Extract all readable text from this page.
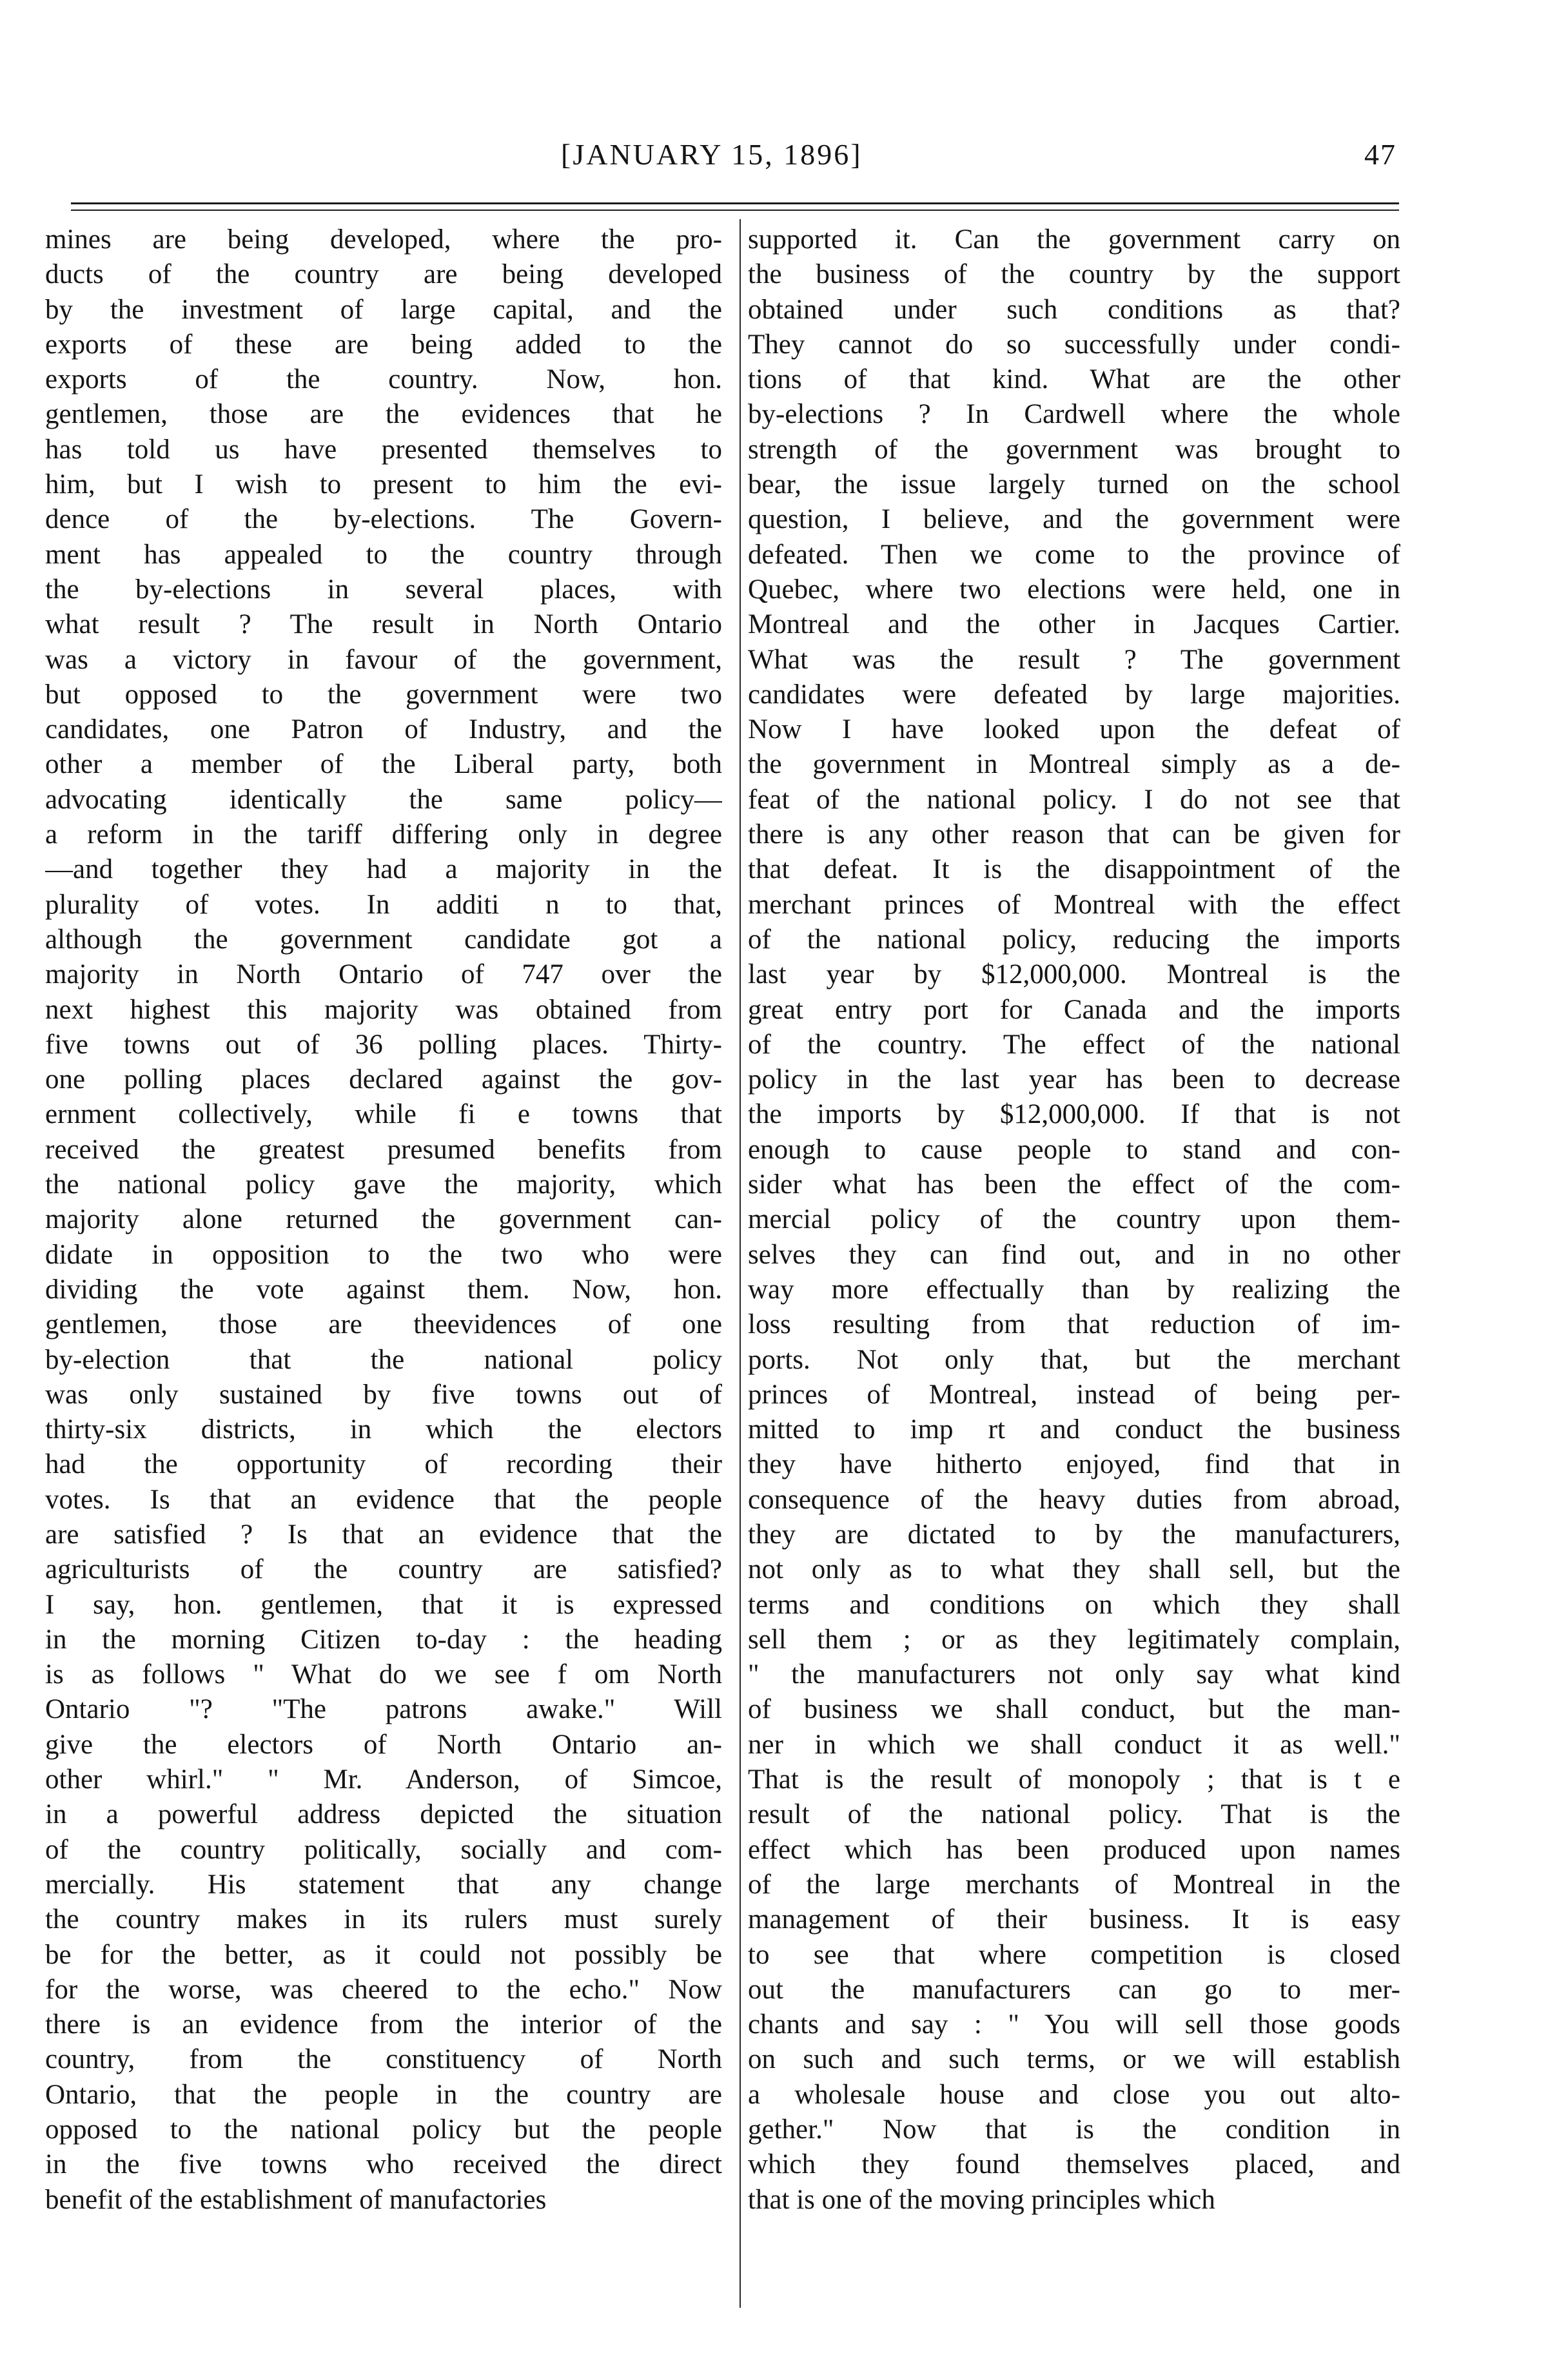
[JANUARY 15, 1896]	47
mines are being developed, where the pro-
ducts of the country are being developed
by the investment of large capital, and the
exports of these are being added to the
exports of the country. Now, hon.
gentlemen, those are the evidences that he
has told us have presented themselves to
him, but I wish to present to him the evi-
dence of the by-elections. The Govern-
ment has appealed to the country through
the by-elections in several places, with
what result ? The result in North Ontario
was a victory in favour of the government,
but opposed to the government were two
candidates, one Patron of Industry, and the
other a member of the Liberal party, both
advocating identically the same policy—
a reform in the tariff differing only in degree
—and together they had a majority in the
plurality of votes. In additi n to that,
although the government candidate got a
majority in North Ontario of 747 over the
next highest this majority was obtained from
five towns out of 36 polling places. Thirty-
one polling places declared against the gov-
ernment collectively, while fi e towns that
received the greatest presumed benefits from
the national policy gave the majority, which
majority alone returned the government can-
didate in opposition to the two who were
dividing the vote against them. Now, hon.
gentlemen, those are theevidences of one
by-election that the national policy
was only sustained by five towns out of
thirty-six districts, in which the electors
had the opportunity of recording their
votes. Is that an evidence that the people
are satisfied ? Is that an evidence that the
agriculturists of the country are satisfied?
I say, hon. gentlemen, that it is expressed
in the morning Citizen to-day : the heading
is as follows " What do we see f om North
Ontario "? "The patrons awake." Will
give the electors of North Ontario an-
other whirl." " Mr. Anderson, of Simcoe,
in a powerful address depicted the situation
of the country politically, socially and com-
mercially. His statement that any change
the country makes in its rulers must surely
be for the better, as it could not possibly be
for the worse, was cheered to the echo." Now
there is an evidence from the interior of the
country, from the constituency of North
Ontario, that the people in the country are
opposed to the national policy but the people
in the five towns who received the direct
benefit of the establishment of manufactories
supported it. Can the government carry on
the business of the country by the support
obtained under such conditions as that?
They cannot do so successfully under condi-
tions of that kind. What are the other
by-elections ? In Cardwell where the whole
strength of the government was brought to
bear, the issue largely turned on the school
question, I believe, and the government were
defeated. Then we come to the province of
Quebec, where two elections were held, one in
Montreal and the other in Jacques Cartier.
What was the result ? The government
candidates were defeated by large majorities.
Now I have looked upon the defeat of
the government in Montreal simply as a de-
feat of the national policy. I do not see that
there is any other reason that can be given for
that defeat. It is the disappointment of the
merchant princes of Montreal with the effect
of the national policy, reducing the imports
last year by $12,000,000. Montreal is the
great entry port for Canada and the imports
of the country. The effect of the national
policy in the last year has been to decrease
the imports by $12,000,000. If that is not
enough to cause people to stand and con-
sider what has been the effect of the com-
mercial policy of the country upon them-
selves they can find out, and in no other
way more effectually than by realizing the
loss resulting from that reduction of im-
ports. Not only that, but the merchant
princes of Montreal, instead of being per-
mitted to imp rt and conduct the business
they have hitherto enjoyed, find that in
consequence of the heavy duties from abroad,
they are dictated to by the manufacturers,
not only as to what they shall sell, but the
terms and conditions on which they shall
sell them ; or as they legitimately complain,
" the manufacturers not only say what kind
of business we shall conduct, but the man-
ner in which we shall conduct it as well."
That is the result of monopoly ; that is t e
result of the national policy. That is the
effect which has been produced upon names
of the large merchants of Montreal in the
management of their business. It is easy
to see that where competition is closed
out the manufacturers can go to mer-
chants and say : " You will sell those goods
on such and such terms, or we will establish
a wholesale house and close you out alto-
gether." Now that is the condition in
which they found themselves placed, and
that is one of the moving principles which
